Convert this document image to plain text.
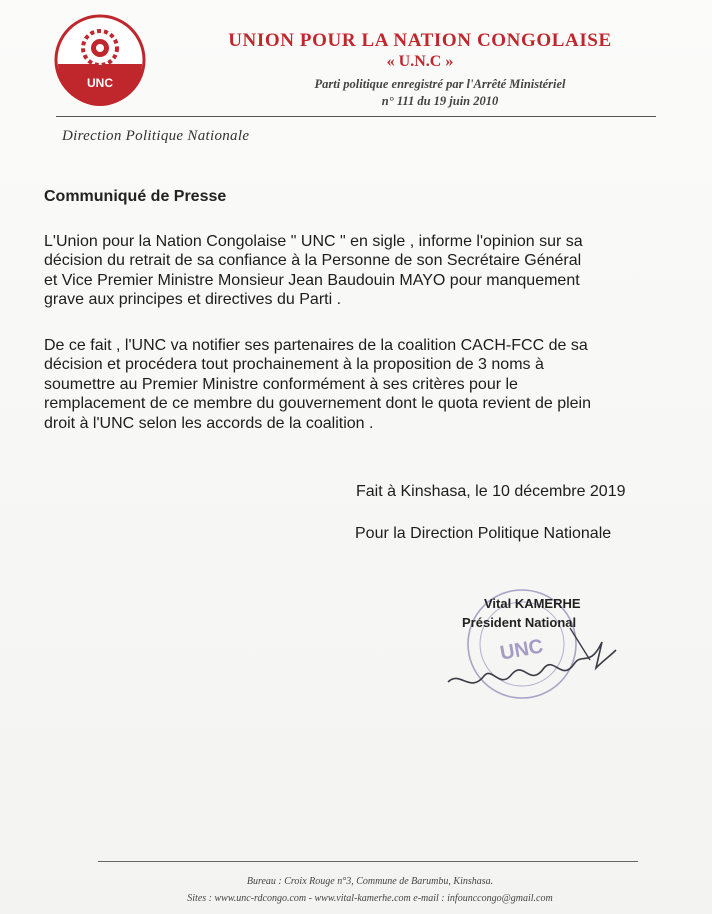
UNC
UNION POUR LA NATION CONGOLAISE
« U.N.C »
Parti politique enregistré par l'Arrêté Ministériel
n° 111 du 19 juin 2010
Direction Politique Nationale
Communiqué de Presse

L'Union pour la Nation Congolaise " UNC " en sigle , informe l'opinion sur sa
décision du retrait de sa confiance à la Personne de son Secrétaire Général
et Vice Premier Ministre Monsieur Jean Baudouin MAYO pour manquement
grave aux principes et directives du Parti .

De ce fait , l'UNC va notifier ses partenaires de la coalition CACH-FCC de sa
décision et procédera tout prochainement à la proposition de 3 noms à
soumettre au Premier Ministre conformément à ses critères pour le
remplacement de ce membre du gouvernement dont le quota revient de plein
droit à l'UNC selon les accords de la coalition .

Fait à Kinshasa, le 10 décembre 2019
Pour la Direction Politique Nationale
UNC
Vital KAMERHE
Président National
Bureau : Croix Rouge n°3, Commune de Barumbu, Kinshasa.
Sites : www.unc-rdcongo.com - www.vital-kamerhe.com e-mail : infounccongo@gmail.com
